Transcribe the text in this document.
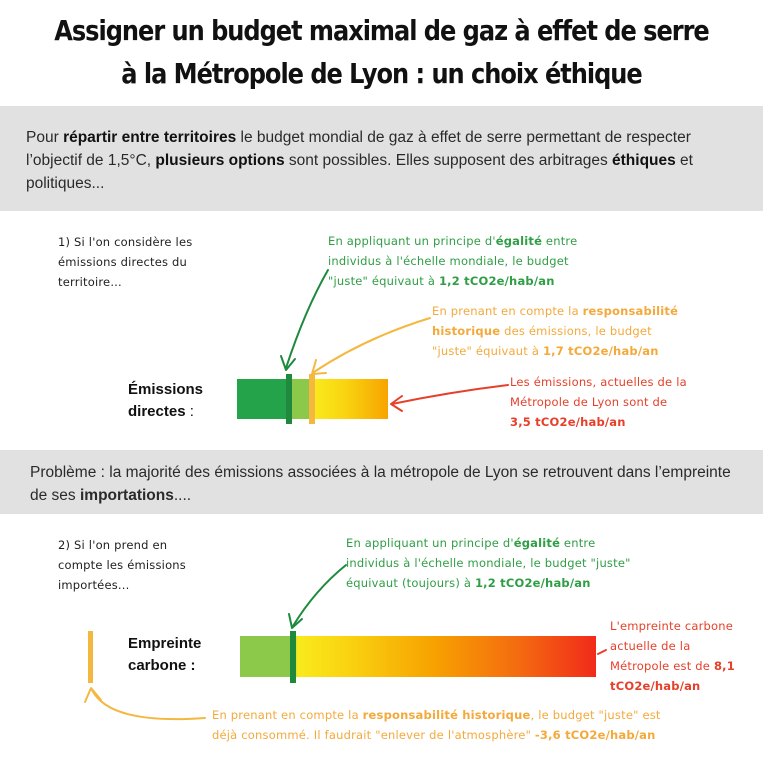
Assigner un budget maximal de gaz à effet de serre
à la Métropole de Lyon : un choix éthique
Pour répartir entre territoires le budget mondial de gaz à effet de serre permettant de respecter l’objectif de 1,5°C, plusieurs options sont possibles. Elles supposent des arbitrages éthiques et politiques...
1) Si l'on considère les
émissions directes du
territoire...
En appliquant un principe d'égalité entre
individus à l'échelle mondiale, le budget
"juste" équivaut à 1,2 tCO2e/hab/an
En prenant en compte la responsabilité
historique des émissions, le budget
"juste" équivaut à 1,7 tCO2e/hab/an
Les émissions, actuelles de la
Métropole de Lyon sont de
3,5 tCO2e/hab/an
Émissions
directes :
Problème : la majorité des émissions associées à la métropole de Lyon se retrouvent dans l’empreinte de ses importations....
2) Si l'on prend en
compte les émissions
importées...
En appliquant un principe d'égalité entre
individus à l'échelle mondiale, le budget "juste"
équivaut (toujours) à 1,2 tCO2e/hab/an
L'empreinte carbone
actuelle de la
Métropole est de 8,1
tCO2e/hab/an
Empreinte
carbone :
En prenant en compte la responsabilité historique, le budget "juste" est
déjà consommé. Il faudrait "enlever de l'atmosphère" -3,6 tCO2e/hab/an
